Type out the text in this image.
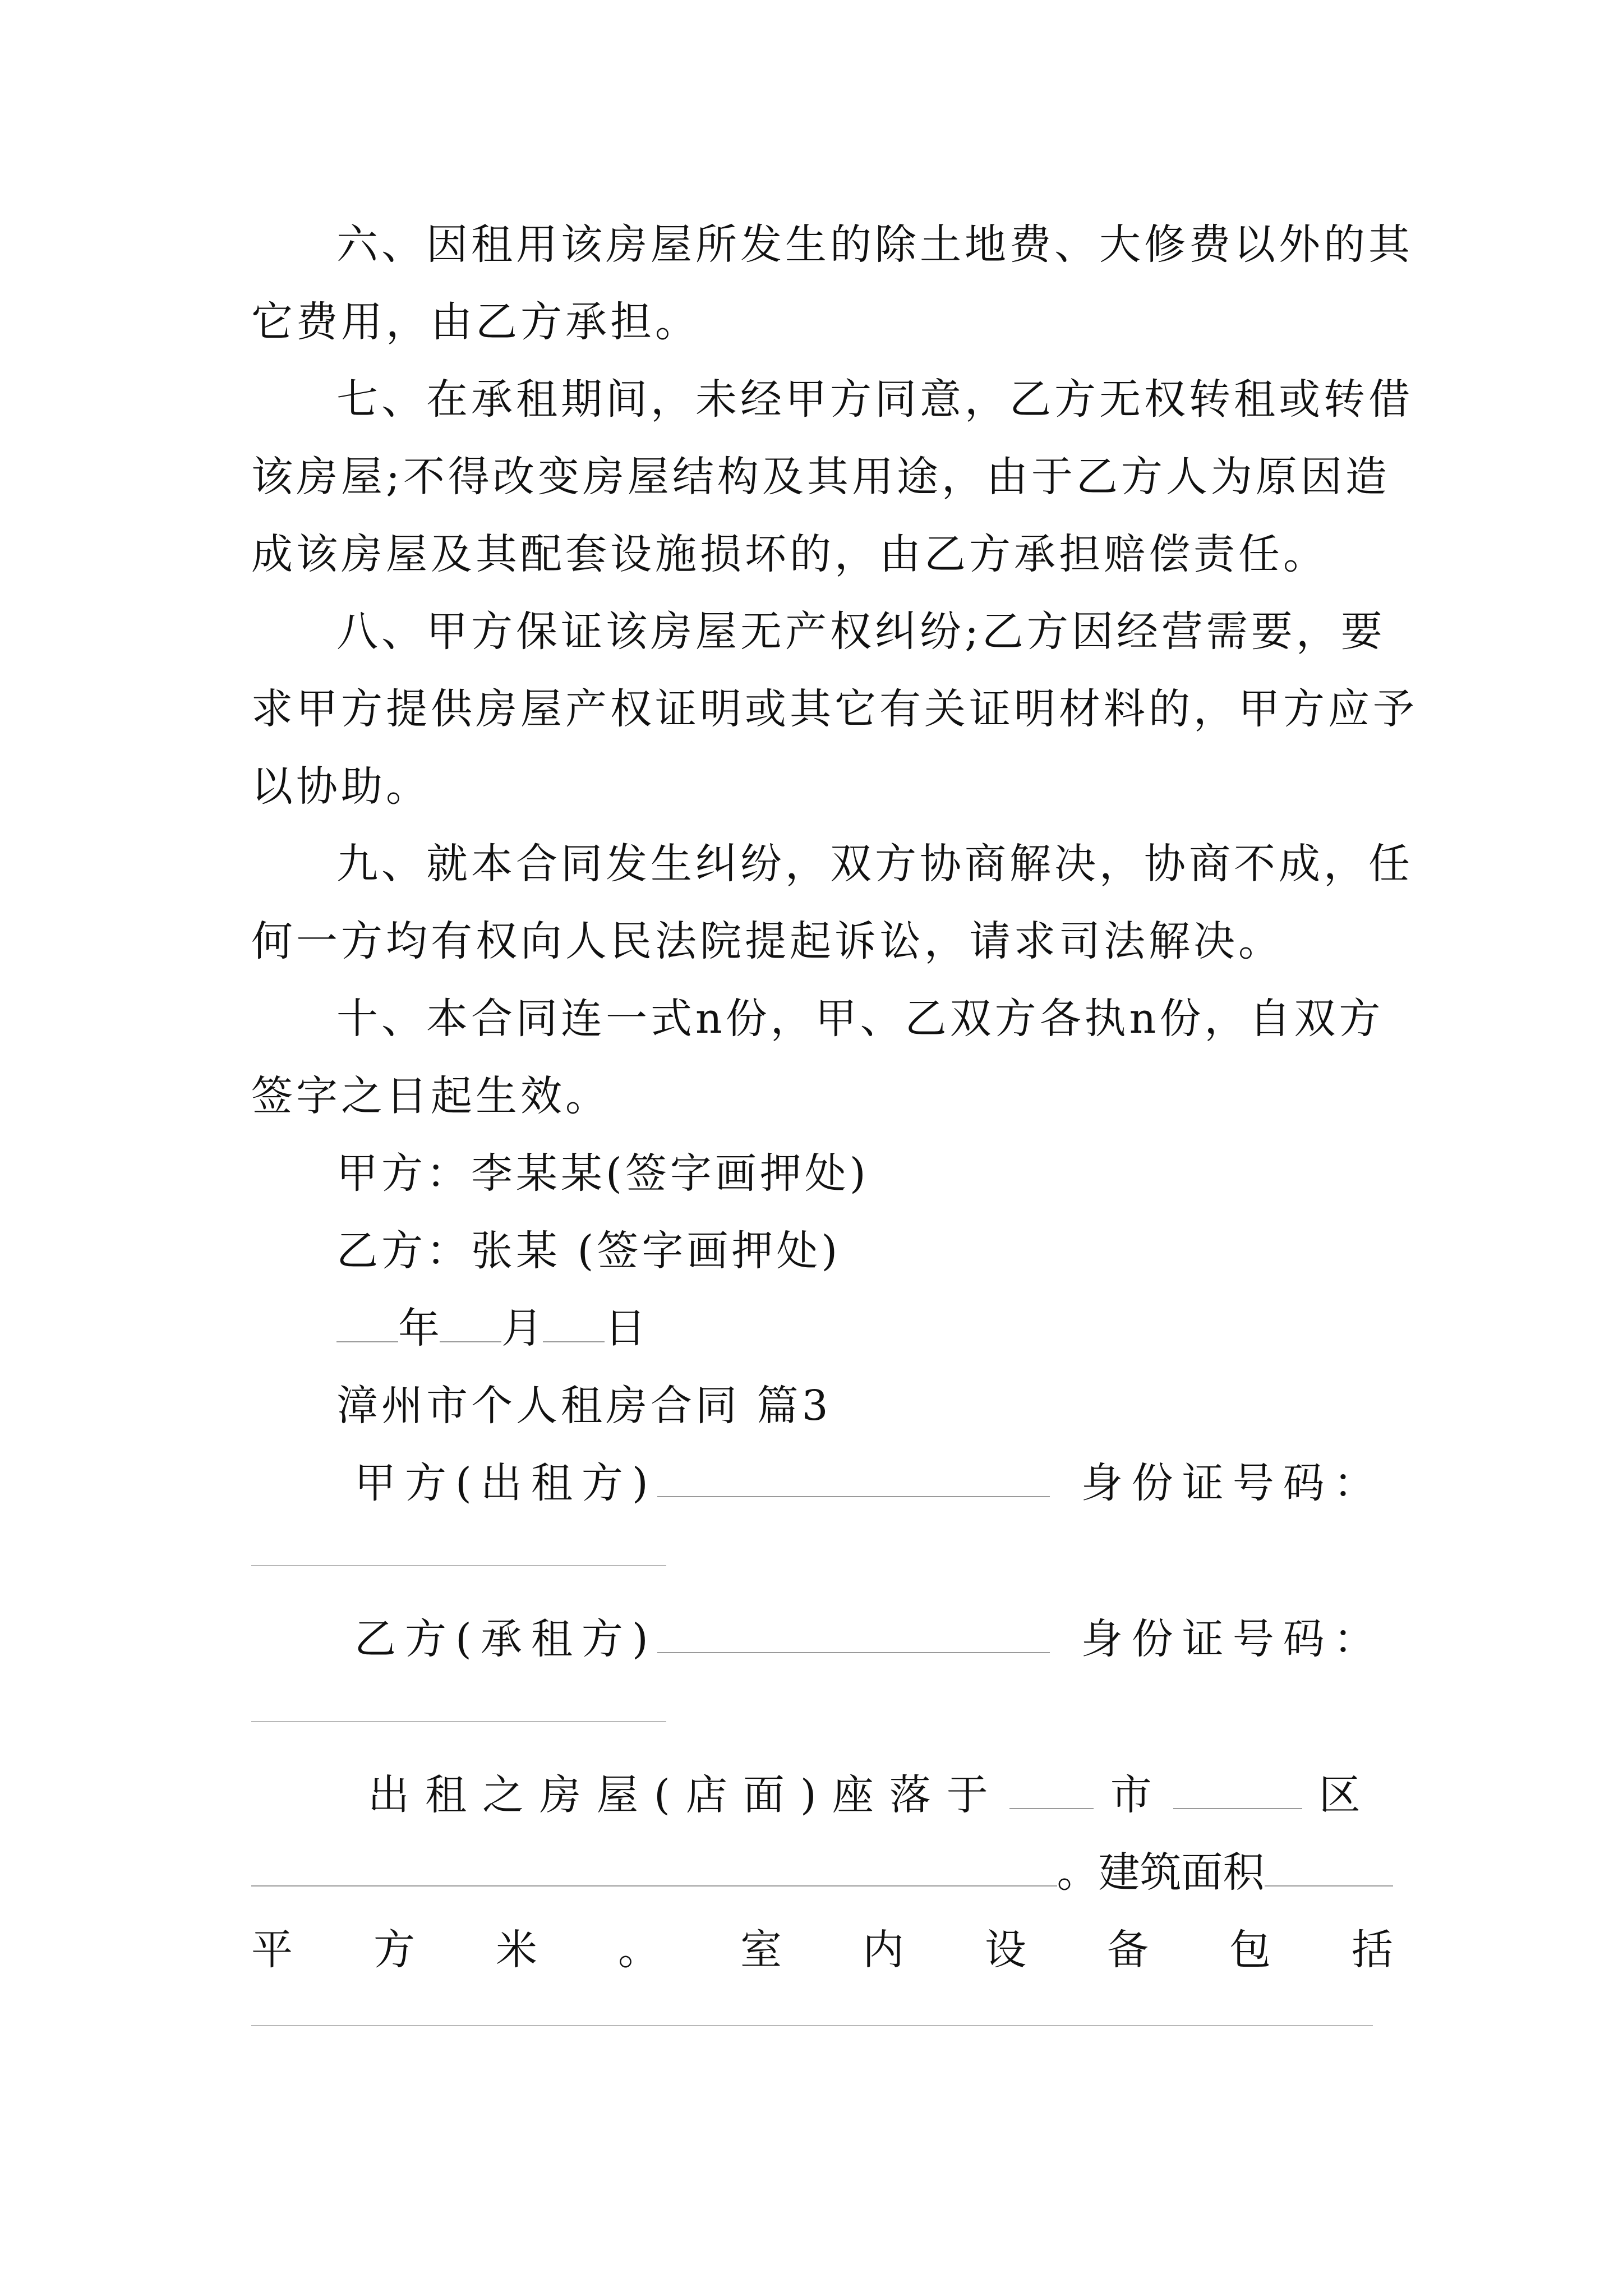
六、因租用该房屋所发生的除土地费、大修费以外的其
它费用，由乙方承担。
七、在承租期间，未经甲方同意，乙方无权转租或转借
该房屋;不得改变房屋结构及其用途，由于乙方人为原因造
成该房屋及其配套设施损坏的，由乙方承担赔偿责任。
八、甲方保证该房屋无产权纠纷;乙方因经营需要，要
求甲方提供房屋产权证明或其它有关证明材料的，甲方应予
以协助。
九、就本合同发生纠纷，双方协商解决，协商不成，任
何一方均有权向人民法院提起诉讼，请求司法解决。
十、本合同连一式n份，甲、乙双方各执n份，自双方
签字之日起生效。
甲方：李某某(签字画押处)
乙方：张某 (签字画押处)
年 月 日
漳州市个人租房合同 篇3
甲方(出租方)	身份证号码：
乙方(承租方)	身份证号码：
出租之房屋(店面)座落于	市	区
。建筑面积
平 方 米 。 室 内 设 备 包 括
